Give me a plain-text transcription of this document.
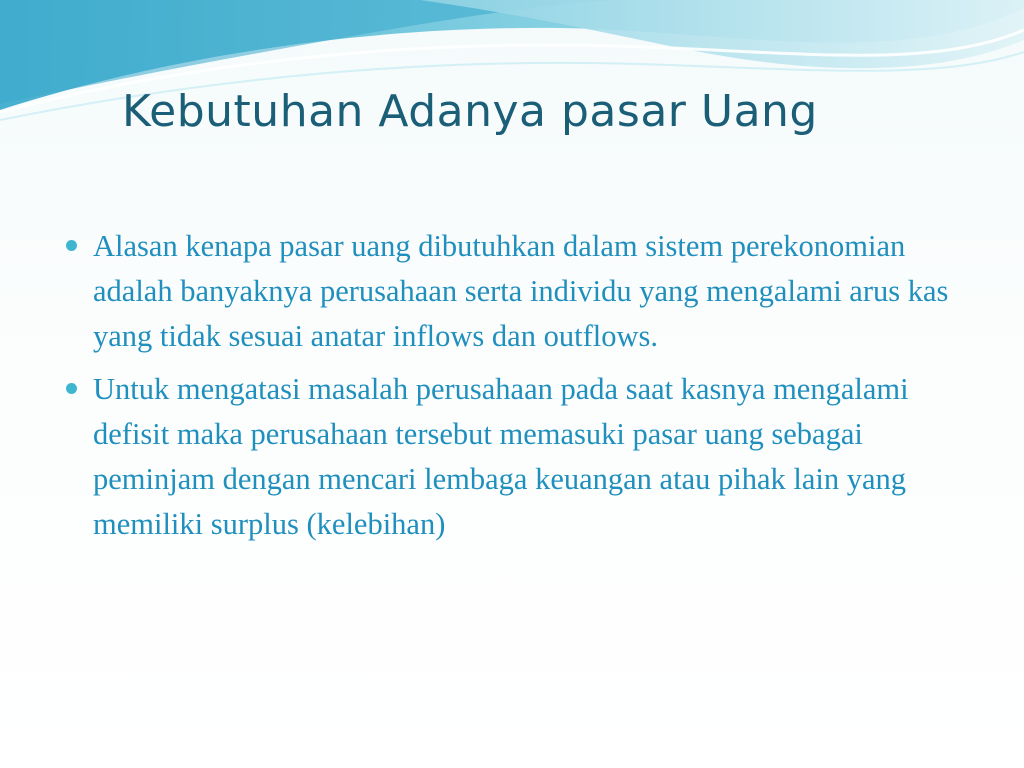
Kebutuhan Adanya pasar Uang
Alasan kenapa pasar uang dibutuhkan dalam sistem perekonomian adalah banyaknya perusahaan serta individu yang mengalami arus kas yang tidak sesuai anatar inflows dan outflows.
Untuk mengatasi masalah perusahaan pada saat kasnya mengalami defisit maka perusahaan tersebut memasuki pasar uang sebagai peminjam dengan mencari lembaga keuangan atau pihak lain yang memiliki surplus (kelebihan)
